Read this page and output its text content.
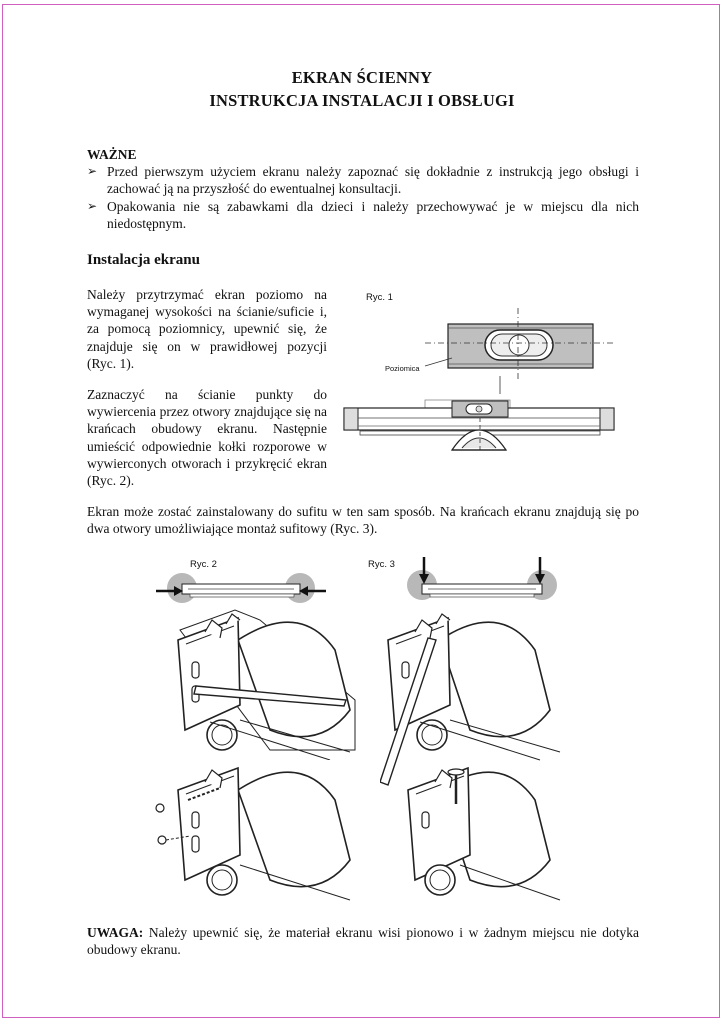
EKRAN ŚCIENNY
INSTRUKCJA INSTALACJI I OBSŁUGI
WAŻNE
➢ Przed pierwszym użyciem ekranu należy zapoznać się dokładnie z instrukcją jego obsługi i zachować ją na przyszłość do ewentualnej konsultacji.
➢ Opakowania nie są zabawkami dla dzieci i należy przechowywać je w miejscu dla nich niedostępnym.
Instalacja ekranu
Należy przytrzymać ekran poziomo na wymaganej wysokości na ścianie/suficie i, za pomocą poziomnicy, upewnić się, że znajduje się on w prawidłowej pozycji (Ryc. 1).
Zaznaczyć na ścianie punkty do wywiercenia przez otwory znajdujące się na krańcach obudowy ekranu. Następnie umieścić odpowiednie kołki rozporowe w wywierconych otworach i przykręcić ekran (Ryc. 2).
Ekran może zostać zainstalowany do sufitu w ten sam sposób. Na krańcach ekranu znajdują się po dwa otwory umożliwiające montaż sufitowy (Ryc. 3).
UWAGA: Należy upewnić się, że materiał ekranu wisi pionowo i w żadnym miejscu nie dotyka obudowy ekranu.
Ryc. 1
Poziomica
Ryc. 2	Ryc. 3
